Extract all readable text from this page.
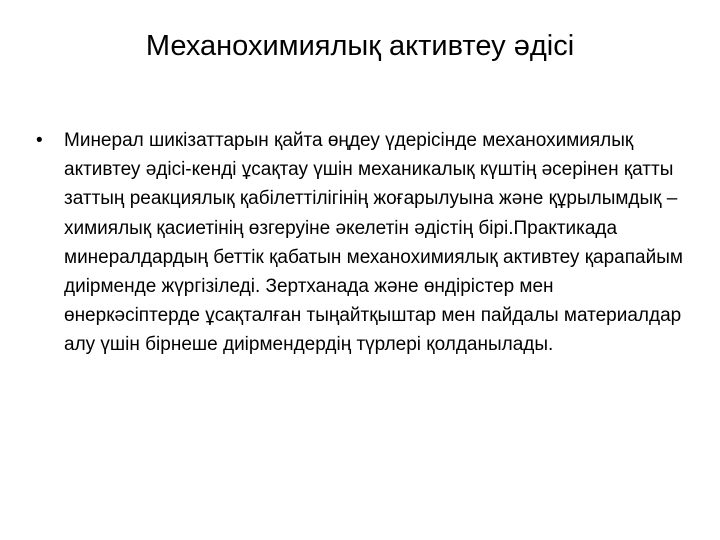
Механохимиялық активтеу әдісі
•	Минерал шикізаттарын қайта өңдеу үдерісінде механохимиялық активтеу әдісі-кенді ұсақтау үшін механикалық күштің әсерінен қатты заттың реакциялық қабілеттілігінің жоғарылуына және құрылымдық –химиялық қасиетінің өзгеруіне әкелетін әдістің бірі.Практикада минералдардың беттік қабатын механохимиялық активтеу қарапайым диірменде жүргізіледі. Зертханада және өндірістер мен өнеркәсіптерде ұсақталған тыңайтқыштар мен пайдалы материалдар алу үшін бірнеше диірмендердің түрлері қолданылады.
